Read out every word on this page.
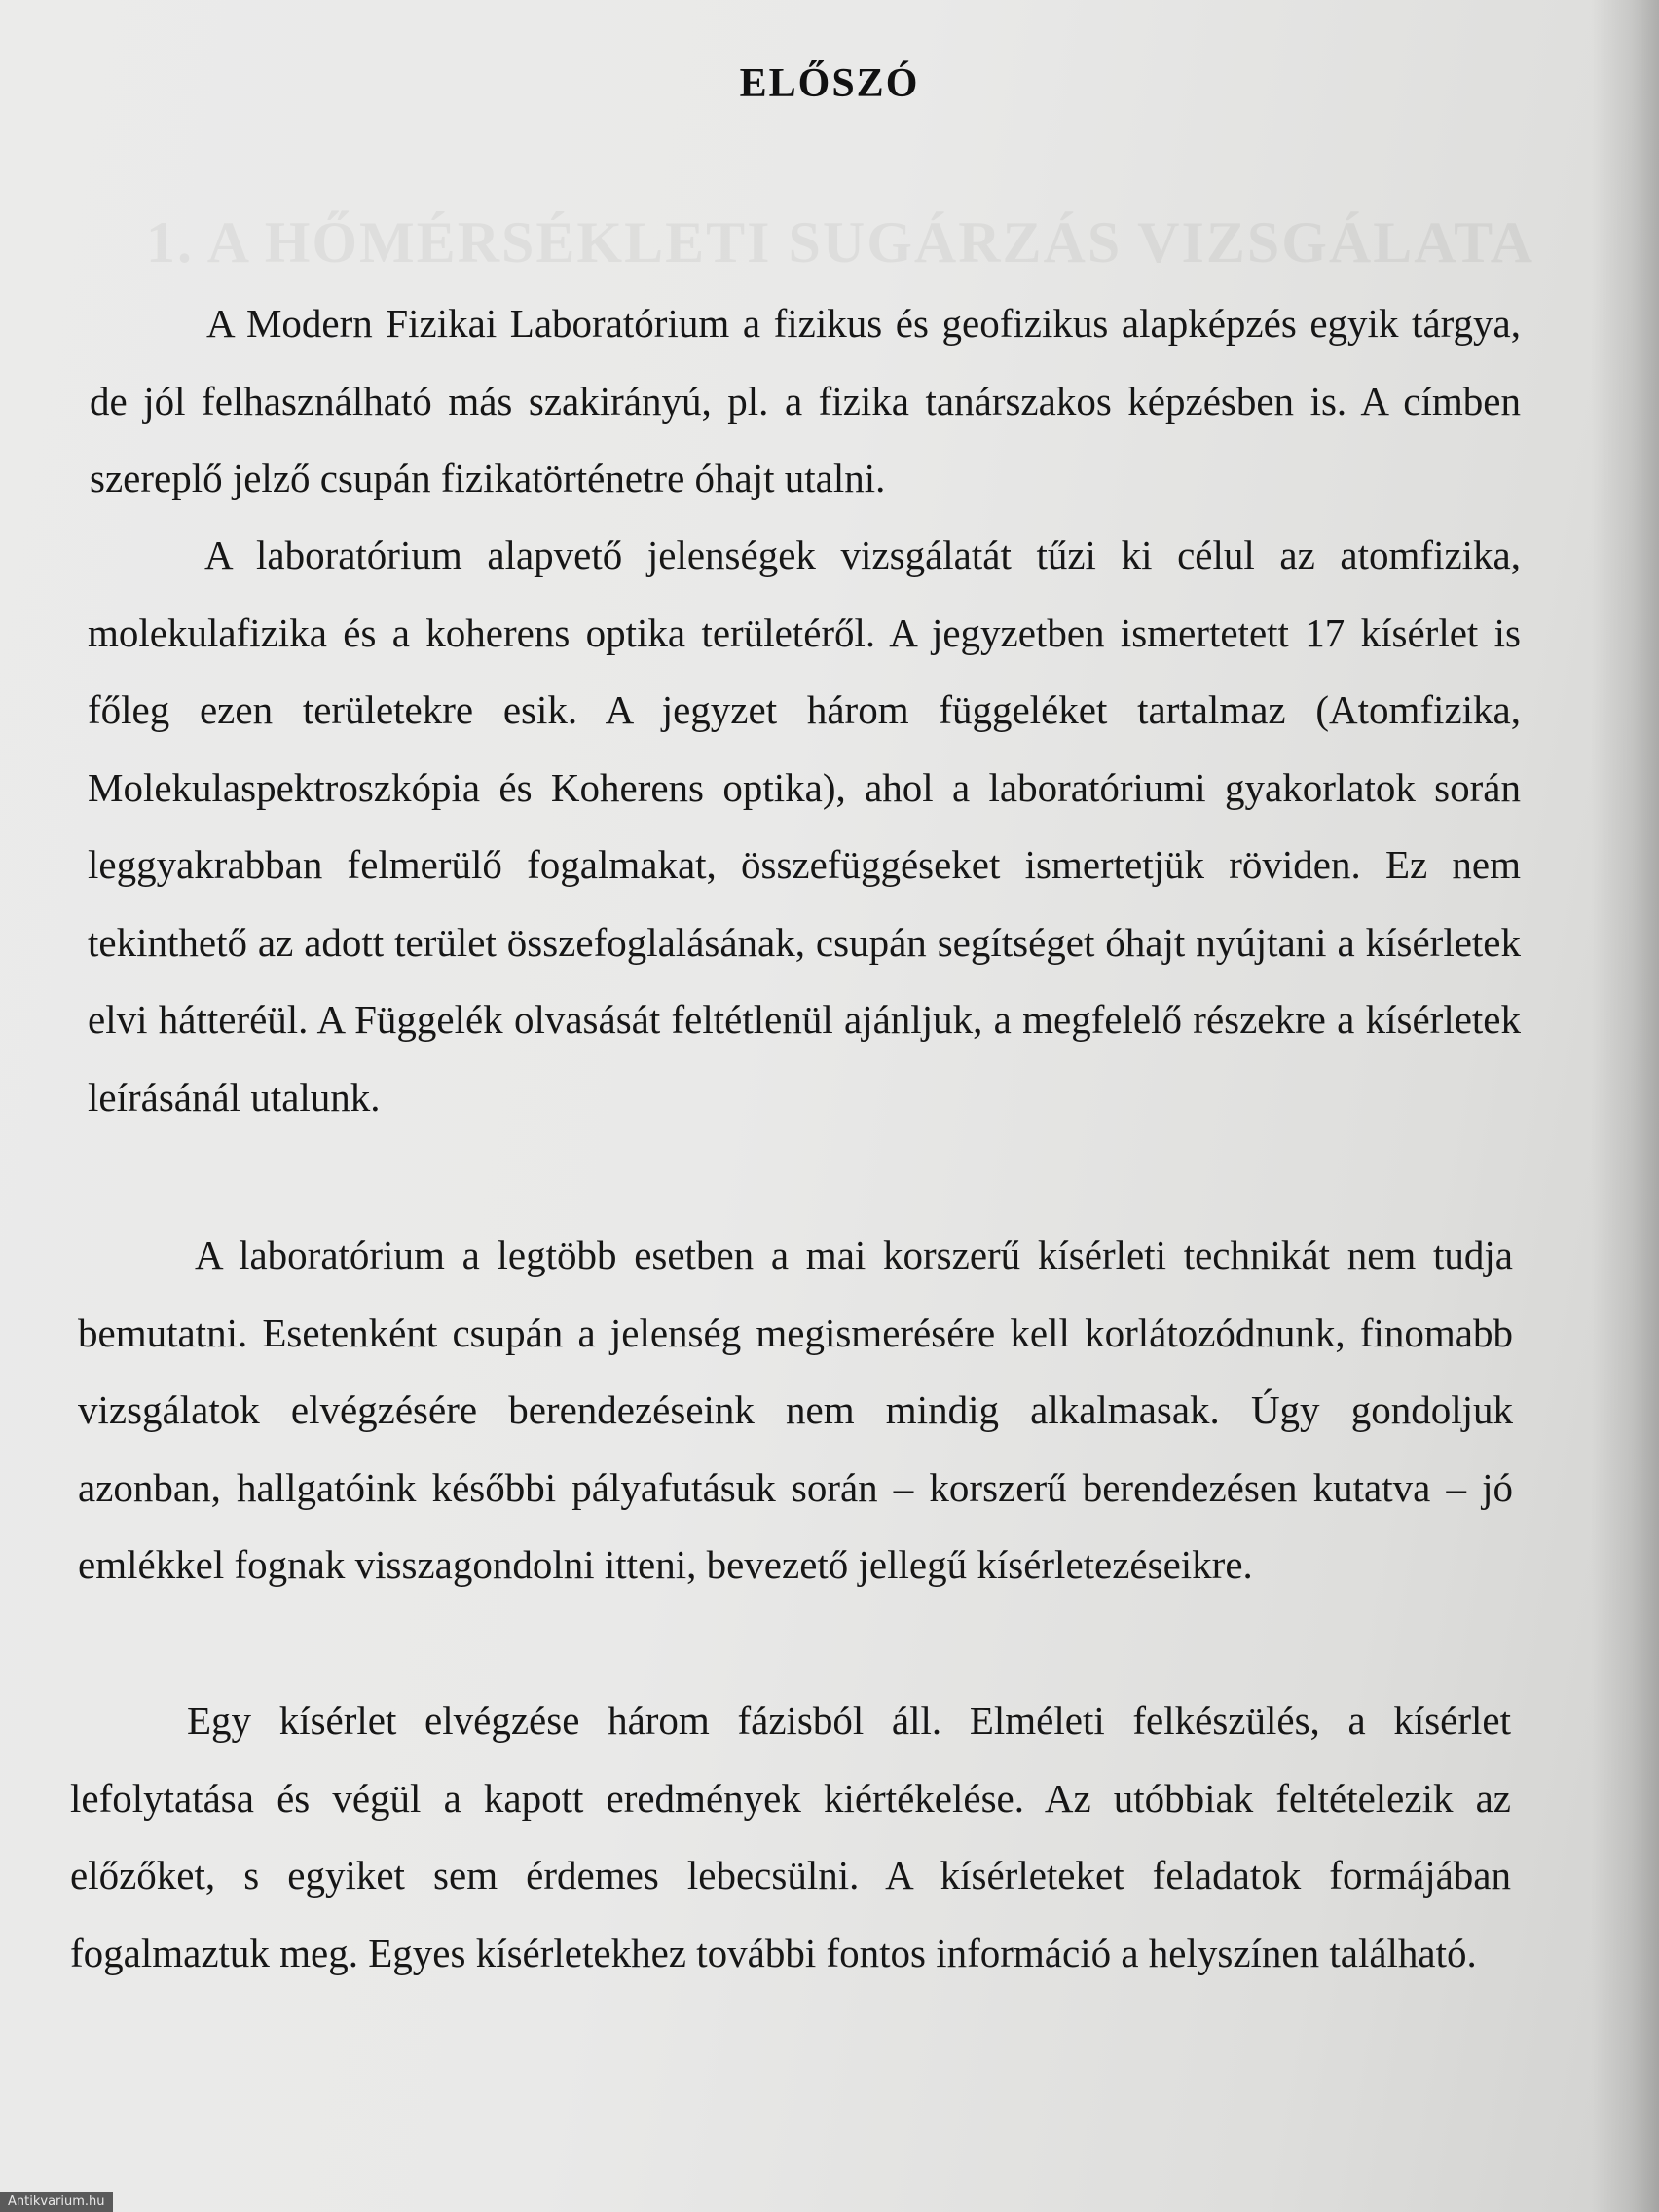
1. A HŐMÉRSÉKLETI SUGÁRZÁS VIZSGÁLATA
ELŐSZÓ

A Modern Fizikai Laboratórium a fizikus és geofizikus alapképzés egyik tárgya, de jól felhasználható más szakirányú, pl. a fizika tanárszakos képzésben is. A címben szereplő jelző csupán fizikatörténetre óhajt utalni.

A laboratórium alapvető jelenségek vizsgálatát tűzi ki célul az atomfizika, molekulafizika és a koherens optika területéről. A jegyzetben ismertetett 17 kísérlet is főleg ezen területekre esik. A jegyzet három függeléket tartalmaz (Atomfizika, Molekulaspektroszkópia és Koherens optika), ahol a laboratóriumi gyakorlatok során leggyakrabban felmerülő fogalmakat, összefüggéseket ismertetjük röviden. Ez nem tekinthető az adott terület összefoglalásának, csupán segítséget óhajt nyújtani a kísérletek elvi hátteréül. A Függelék olvasását feltétlenül ajánljuk, a megfelelő részekre a kísérletek leírásánál utalunk.

A laboratórium a legtöbb esetben a mai korszerű kísérleti technikát nem tudja bemutatni. Esetenként csupán a jelenség megismerésére kell korlátozódnunk, finomabb vizsgálatok elvégzésére berendezéseink nem mindig alkalmasak. Úgy gondoljuk azonban, hallgatóink későbbi pályafutásuk során – korszerű berendezésen kutatva – jó emlékkel fognak visszagondolni itteni, bevezető jellegű kísérletezéseikre.

Egy kísérlet elvégzése három fázisból áll. Elméleti felkészülés, a kísérlet lefolytatása és végül a kapott eredmények kiértékelése. Az utóbbiak feltételezik az előzőket, s egyiket sem érdemes lebecsülni. A kísérleteket feladatok formájában fogalmaztuk meg. Egyes kísérletekhez további fontos információ a helyszínen található.

Antikvarium.hu
